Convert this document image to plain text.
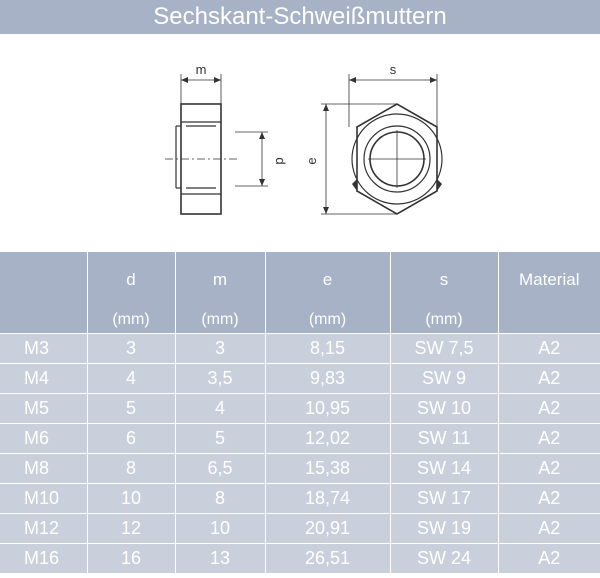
Sechskant-Schweißmuttern
m
d
s
e
	d	m	e	s	Material
	(mm)	(mm)	(mm)	(mm)	
M3	3	3	8,15	SW 7,5	A2
M4	4	3,5	9,83	SW 9	A2
M5	5	4	10,95	SW 10	A2
M6	6	5	12,02	SW 11	A2
M8	8	6,5	15,38	SW 14	A2
M10	10	8	18,74	SW 17	A2
M12	12	10	20,91	SW 19	A2
M16	16	13	26,51	SW 24	A2
